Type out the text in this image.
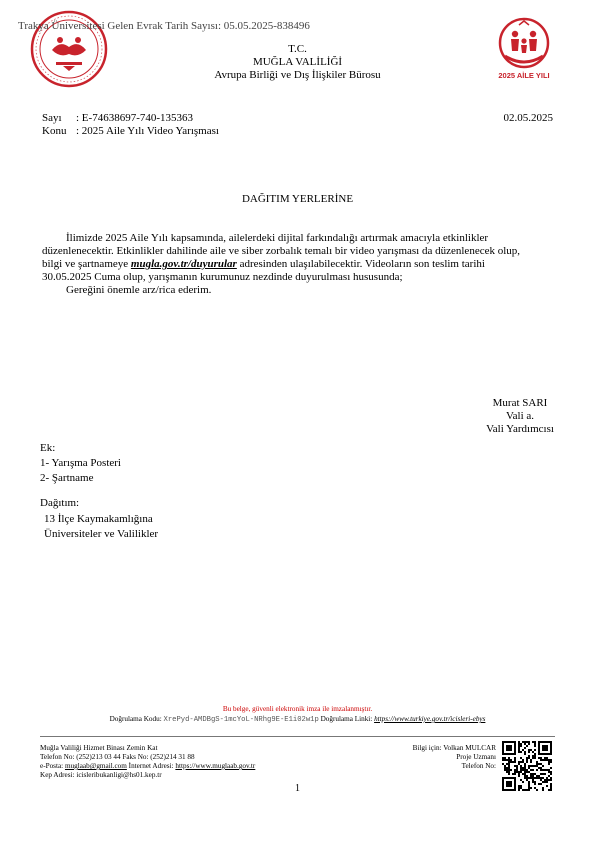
Trakya Üniversitesi Gelen Evrak Tarih Sayısı: 05.05.2025-838496
T.C.
MUĞLA VALİLİĞİ
Avrupa Birliği ve Dış İlişkiler Bürosu	2025 AİLE YILI
Sayı : E-74638697-740-135363
Konu : 2025 Aile Yılı Video Yarışması
02.05.2025
DAĞITIM YERLERİNE
İlimizde 2025 Aile Yılı kapsamında, ailelerdeki dijital farkındalığı artırmak amacıyla etkinlikler
düzenlenecektir. Etkinlikler dahilinde aile ve siber zorbalık temalı bir video yarışması da düzenlenecek olup,
bilgi ve şartnameye mugla.gov.tr/duyurular adresinden ulaşılabilecektir. Videoların son teslim tarihi
30.05.2025 Cuma olup, yarışmanın kurumunuz nezdinde duyurulması hususunda;
Gereğini önemle arz/rica ederim.
Murat SARI
Vali a.
Vali Yardımcısı
Ek:
1- Yarışma Posteri
2- Şartname
Dağıtım:
13 İlçe Kaymakamlığına
Üniversiteler ve Valilikler
Bu belge, güvenli elektronik imza ile imzalanmıştır.
Doğrulama Kodu: XrePyd-AMDBgS-1mcYoL-NRhg9E-E1i02w1p Doğrulama Linki: https://www.turkiye.gov.tr/icisleri-ebys
Muğla Valiliği Hizmet Binası Zemin Kat
Telefon No: (252)213 03 44 Faks No: (252)214 31 88
e-Posta: muglaab@gmail.com İnternet Adresi: https://www.muglaab.gov.tr
Kep Adresi: icisleribukanligi@hs01.kep.tr
Bilgi için: Volkan MULCAR
Proje Uzmanı
Telefon No:
1
